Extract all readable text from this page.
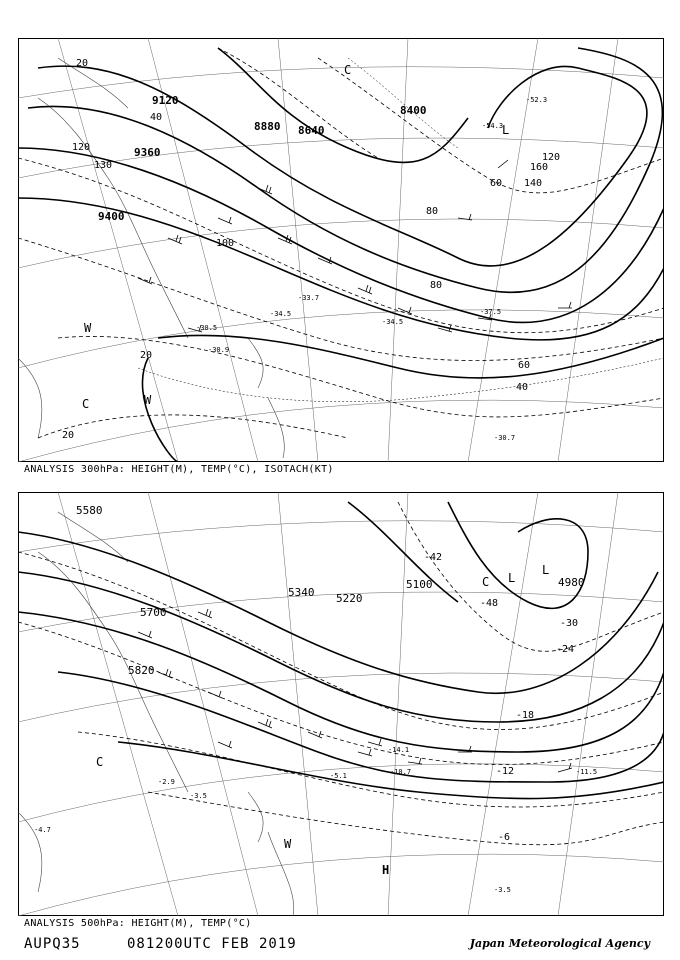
9120
8880 8640
8400
9360
9400
20
40
60
80
100
120
140
160
130
120
20
20
60
80
40
L
W
W
C
C
-30.9
-30.5
-34.5
-33.7
-34.5
-37.5
-52.3
-54.3
-30.7
ANALYSIS 300hPa: HEIGHT(M), TEMP(°C), ISOTACH(KT)
5580
5700
5820
5340 5220
5100	4980
-42
-48
-30
-24
-18
-12
-6
L
L
C
C
W
H
-14.1
-10.7	-11.5
-5.1
-3.5
-4.7
-2.9
-3.5
ANALYSIS 500hPa: HEIGHT(M), TEMP(°C)
AUPQ35	081200UTC FEB 2019	Japan Meteorological Agency
